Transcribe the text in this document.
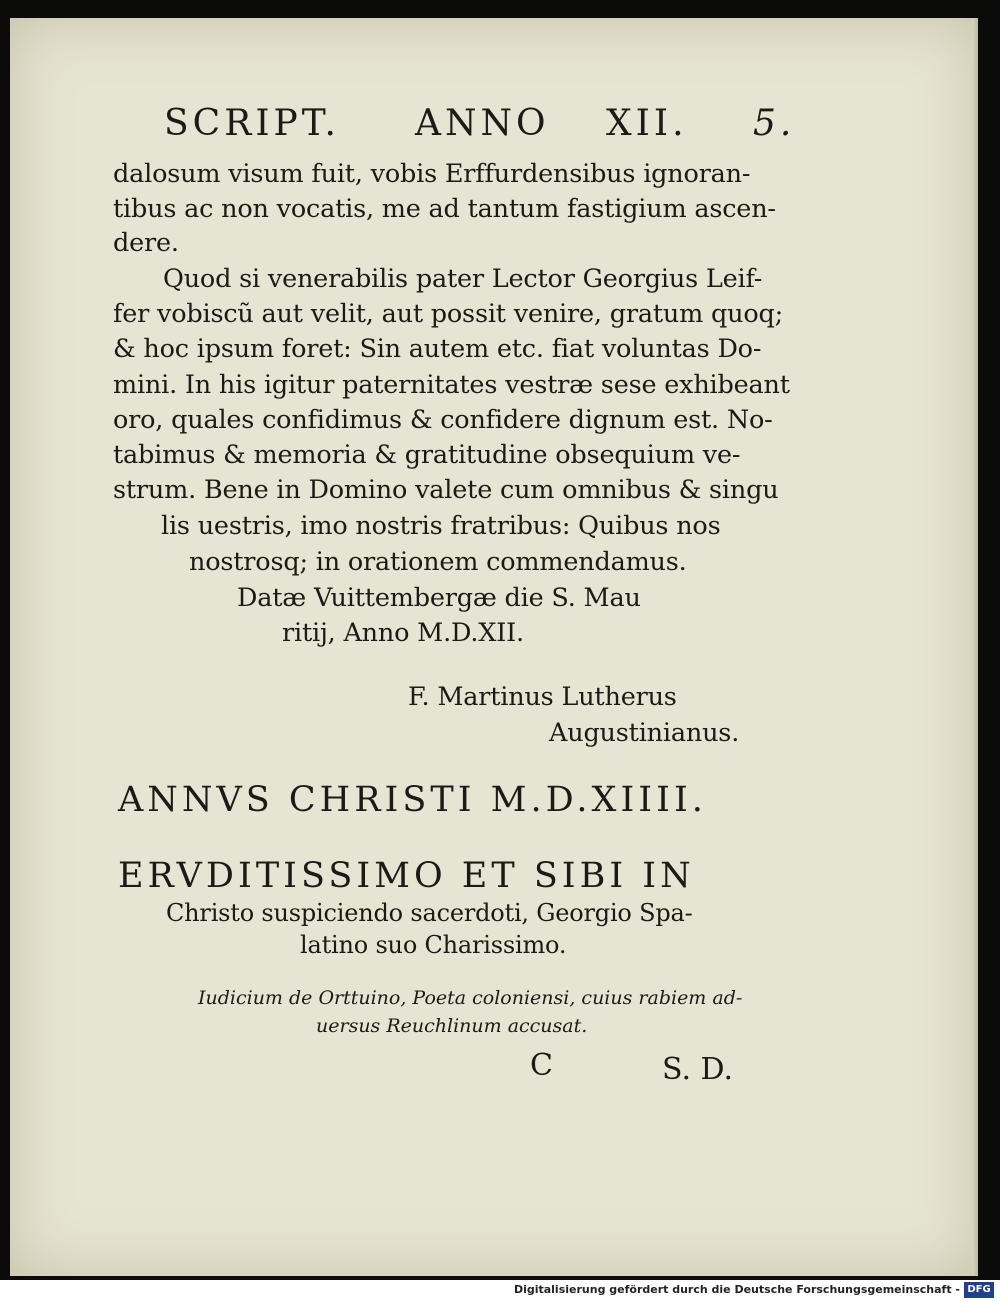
SCRIPT. ANNO XII. 5.
dalosum visum fuit, vobis Erffurdensibus ignoran-
tibus ac non vocatis, me ad tantum fastigium ascen-
dere.
Quod si venerabilis pater Lector Georgius Leif-
fer vobiscũ aut velit, aut possit venire, gratum quoq;
& hoc ipsum foret: Sin autem etc. fiat voluntas Do-
mini. In his igitur paternitates vestræ sese exhibeant
oro, quales confidimus & confidere dignum est. No-
tabimus & memoria & gratitudine obsequium ve-
strum. Bene in Domino valete cum omnibus & singu
lis uestris, imo nostris fratribus: Quibus nos
nostrosq; in orationem commendamus.
Datæ Vuittembergæ die S. Mau
ritij, Anno M.D.XII.
F. Martinus Lutherus
Augustinianus.
ANNVS CHRISTI M.D.XIIII.
ERVDITISSIMO ET SIBI IN
Christo suspiciendo sacerdoti, Georgio Spa-
latino suo Charissimo.
Iudicium de Orttuino, Poeta coloniensi, cuius rabiem ad-
uersus Reuchlinum accusat.
C	S. D.
Digitalisierung gefördert durch die Deutsche Forschungsgemeinschaft - DFG
